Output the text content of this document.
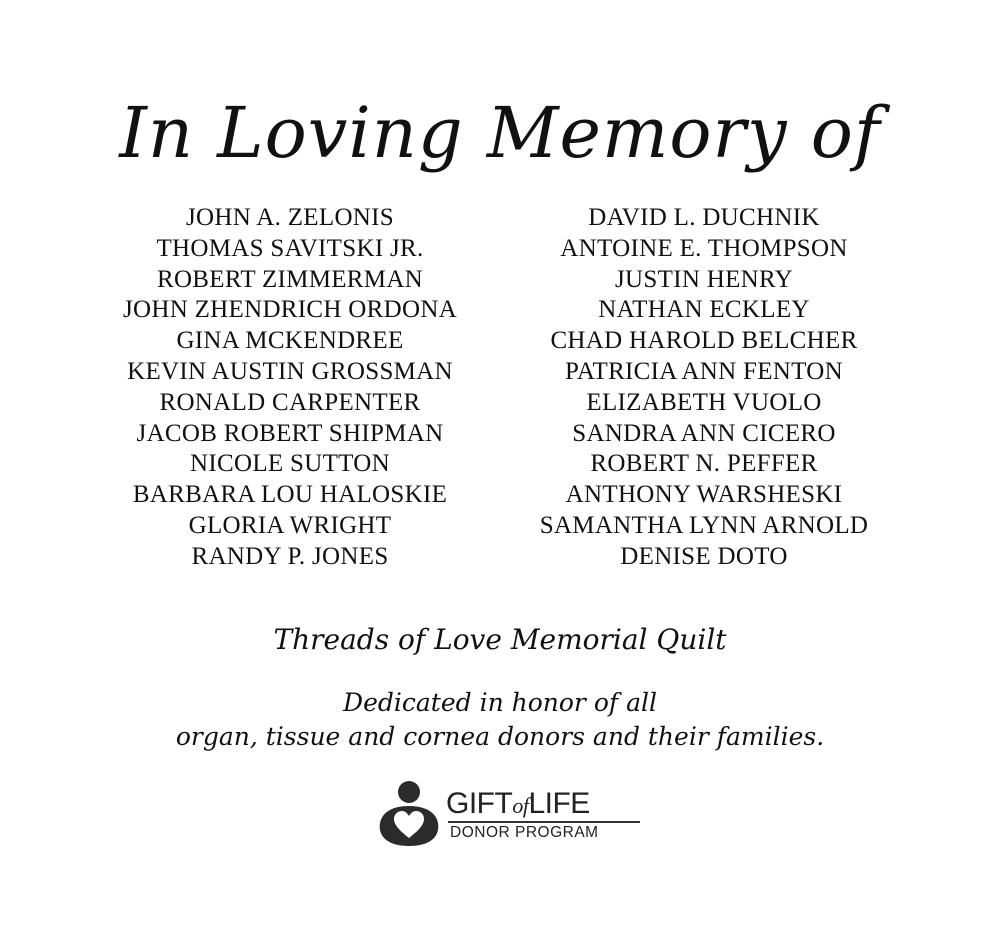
In Loving Memory of
JOHN A. ZELONIS
THOMAS SAVITSKI JR.
ROBERT ZIMMERMAN
JOHN ZHENDRICH ORDONA
GINA MCKENDREE
KEVIN AUSTIN GROSSMAN
RONALD CARPENTER
JACOB ROBERT SHIPMAN
NICOLE SUTTON
BARBARA LOU HALOSKIE
GLORIA WRIGHT
RANDY P. JONES
DAVID L. DUCHNIK
ANTOINE E. THOMPSON
JUSTIN HENRY
NATHAN ECKLEY
CHAD HAROLD BELCHER
PATRICIA ANN FENTON
ELIZABETH VUOLO
SANDRA ANN CICERO
ROBERT N. PEFFER
ANTHONY WARSHESKI
SAMANTHA LYNN ARNOLD
DENISE DOTO
Threads of Love Memorial Quilt
Dedicated in honor of all
organ, tissue and cornea donors and their families.
GIFTofLIFE
DONOR PROGRAM
